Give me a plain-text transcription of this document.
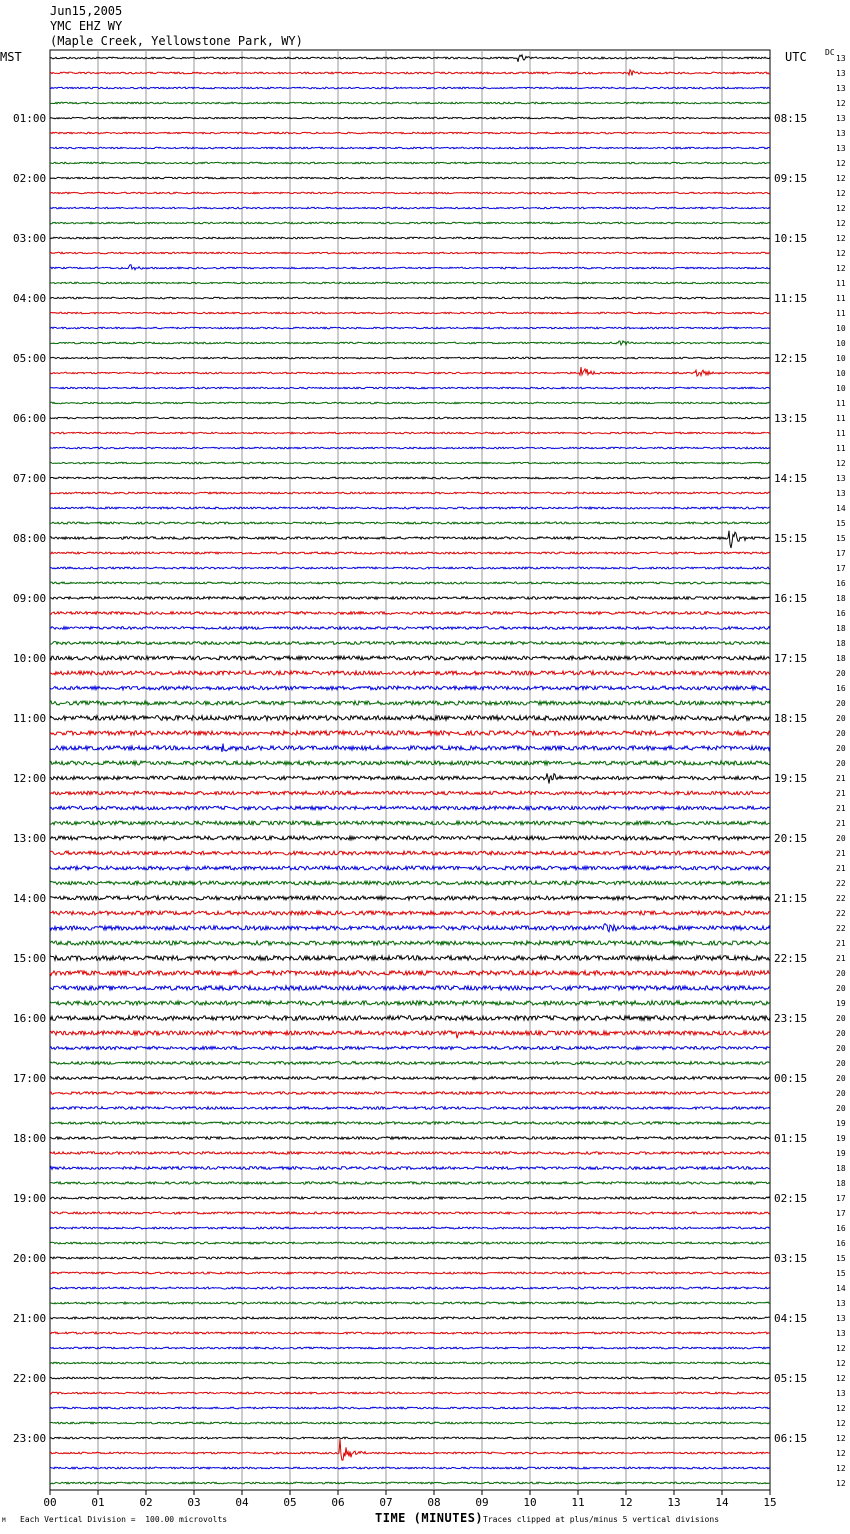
Jun15,2005
YMC EHZ WY
(Maple Creek, Yellowstone Park, WY)
MST	UTC DC
01:00
02:00
03:00
04:00
05:00
06:00
07:00
08:00
09:00
10:00
11:00
12:00
13:00
14:00
15:00
16:00
17:00
18:00
19:00
20:00
21:00
22:00
23:00
08:15
09:15
10:15
11:15
12:15
13:15
14:15
15:15
16:15
17:15
18:15
19:15
20:15
21:15
22:15
23:15
00:15
01:15
02:15
03:15
04:15
05:15
06:15
13
13
13
12
13
13
13
12
12
12
12
12
12
12
12
11
11
11
10
10
10
10
10
11
11
11
11
12
13
13
14
15
15
17
17
16
18
16
18
18
18
20
16
20
20
20
20
20
21
21
21
21
20
21
21
22
22
22
22
21
21
20
20
19
20
20
20
20
20
20
20
19
19
19
18
18
17
17
16
16
15
15
14
13
13
13
12
12
12
13
12
12
12
12
12
12
00	01	02	03	04	05	06	07	08	09	10	11	12	13	14	15
TIME (MINUTES)
Each Vertical Division =  100.00 microvolts	Traces clipped at plus/minus 5 vertical divisions
M
